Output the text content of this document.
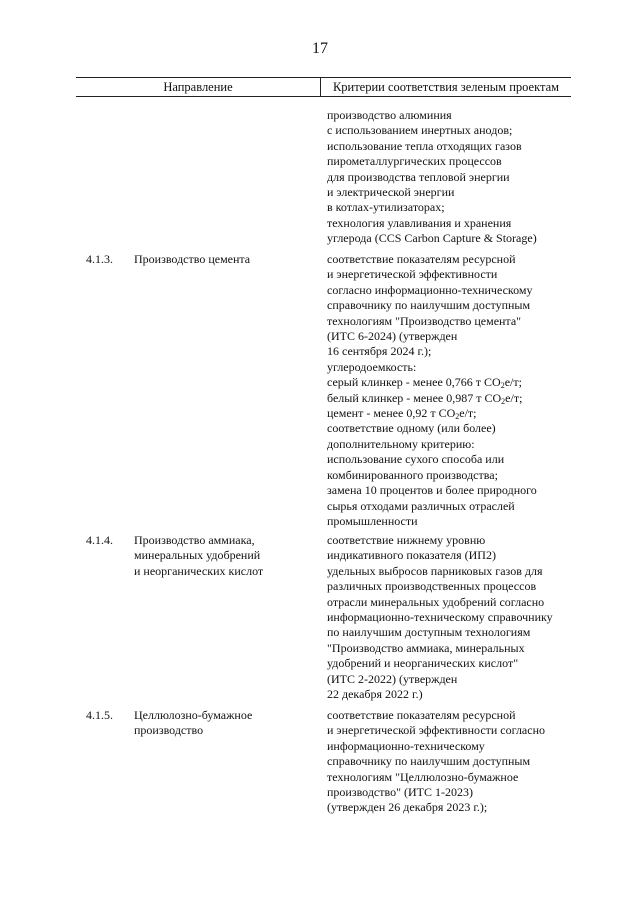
17
Направление	Критерии соответствия зеленым проектам
производство алюминия
с использованием инертных анодов;
использование тепла отходящих газов
пирометаллургических процессов
для производства тепловой энергии
и электрической энергии
в котлах-утилизаторах;
технология улавливания и хранения
углерода (CCS Carbon Capture & Storage)
4.1.3. Производство цемента	соответствие показателям ресурсной
и энергетической эффективности
согласно информационно-техническому
справочнику по наилучшим доступным
технологиям "Производство цемента"
(ИТС 6-2024) (утвержден
16 сентября 2024 г.);
углеродоемкость:
серый клинкер - менее 0,766 т $CO_2е/т$;
белый клинкер - менее 0,987 т $CO_2е/т$;
цемент - менее 0,92 т $CO_2е/т$;
соответствие одному (или более)
дополнительному критерию:
использование сухого способа или
комбинированного производства;
замена 10 процентов и более природного
сырья отходами различных отраслей
промышленности
4.1.4. Производство аммиака,
минеральных удобрений
и неорганических кислот
соответствие нижнему уровню
индикативного показателя (ИП2)
удельных выбросов парниковых газов для
различных производственных процессов
отрасли минеральных удобрений согласно
информационно-техническому справочнику
по наилучшим доступным технологиям
"Производство аммиака, минеральных
удобрений и неорганических кислот"
(ИТС 2-2022) (утвержден
22 декабря 2022 г.)
4.1.5. Целлюлозно-бумажное
производство
соответствие показателям ресурсной
и энергетической эффективности согласно
информационно-техническому
справочнику по наилучшим доступным
технологиям "Целлюлозно-бумажное
производство" (ИТС 1-2023)
(утвержден 26 декабря 2023 г.);
